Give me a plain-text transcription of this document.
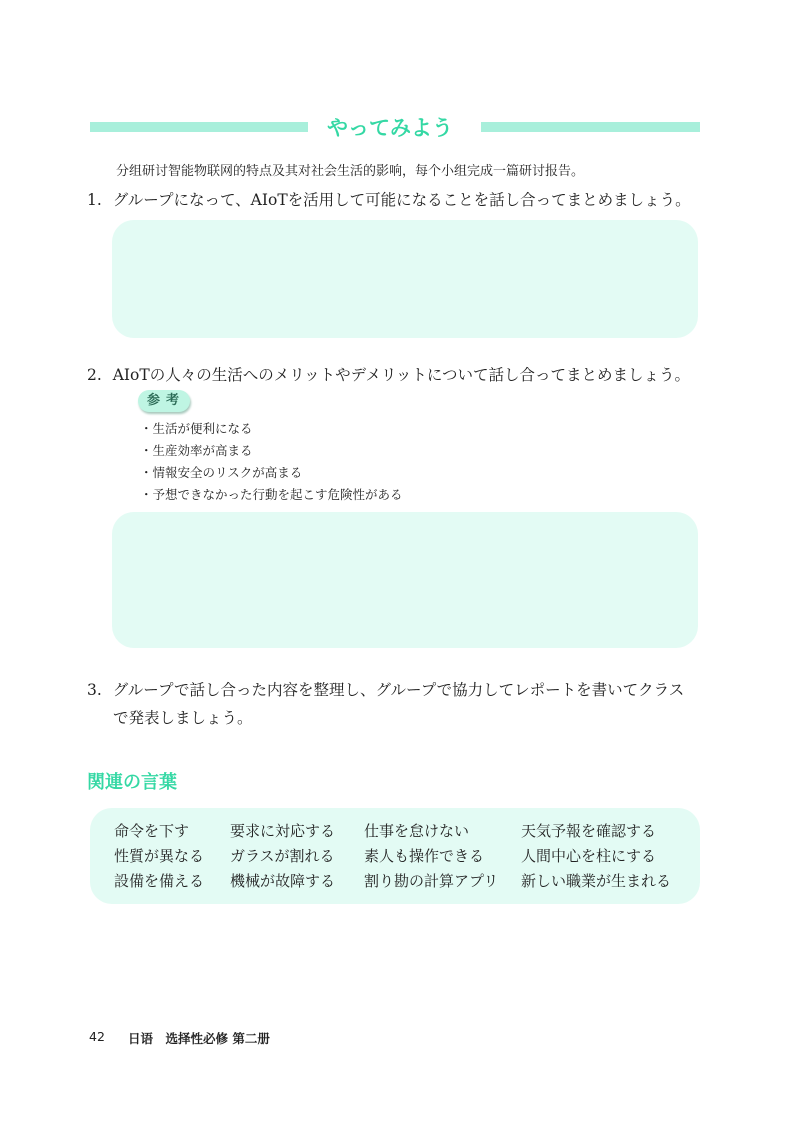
やってみよう
分组研讨智能物联网的特点及其对社会生活的影响，每个小组完成一篇研讨报告。
1. グループになって、AIoTを活用して可能になることを話し合ってまとめましょう。
2. AIoTの人々の生活へのメリットやデメリットについて話し合ってまとめましょう。
参考
・生活が便利になる
・生産効率が高まる
・情報安全のリスクが高まる
・予想できなかった行動を起こす危険性がある
3. グループで話し合った内容を整理し、グループで協力してレポートを書いてクラス
で発表しましょう。
関連の言葉
命令を下す
性質が異なる
設備を備える
要求に対応する
ガラスが割れる
機械が故障する
仕事を怠けない
素人も操作できる
割り勘の計算アプリ
天気予報を確認する
人間中心を柱にする
新しい職業が生まれる
42 日语　选择性必修 第二册
